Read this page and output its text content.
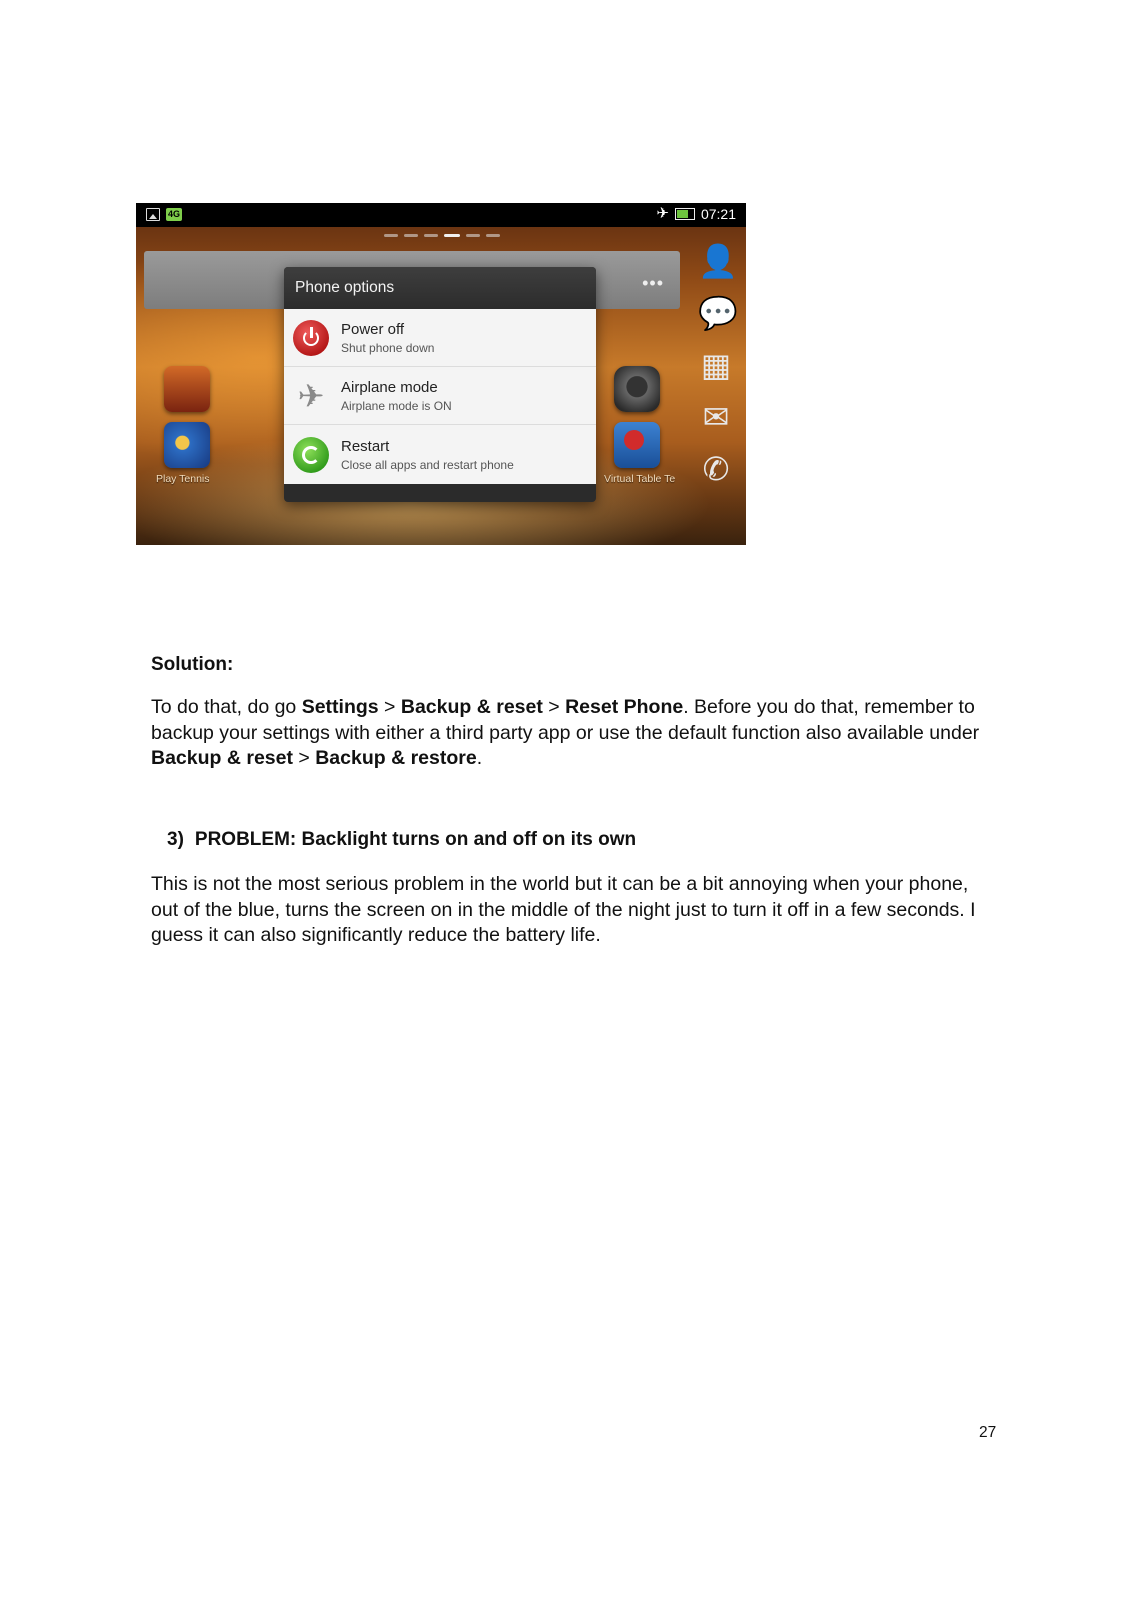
4G	✈ 07:21
•••
Play Tennis	Virtual Table Te
👤
💬
▦
✉
✆
Phone options
Power off
Shut phone down
✈	Airplane mode
Airplane mode is ON
Restart
Close all apps and restart phone
Solution:
To do that, do go Settings > Backup & reset > Reset Phone. Before you do that, remember to backup your settings with either a third party app or use the default function also available under Backup & reset > Backup & restore.
3) PROBLEM: Backlight turns on and off on its own
This is not the most serious problem in the world but it can be a bit annoying when your phone, out of the blue, turns the screen on in the middle of the night just to turn it off in a few seconds. I guess it can also significantly reduce the battery life.
27
